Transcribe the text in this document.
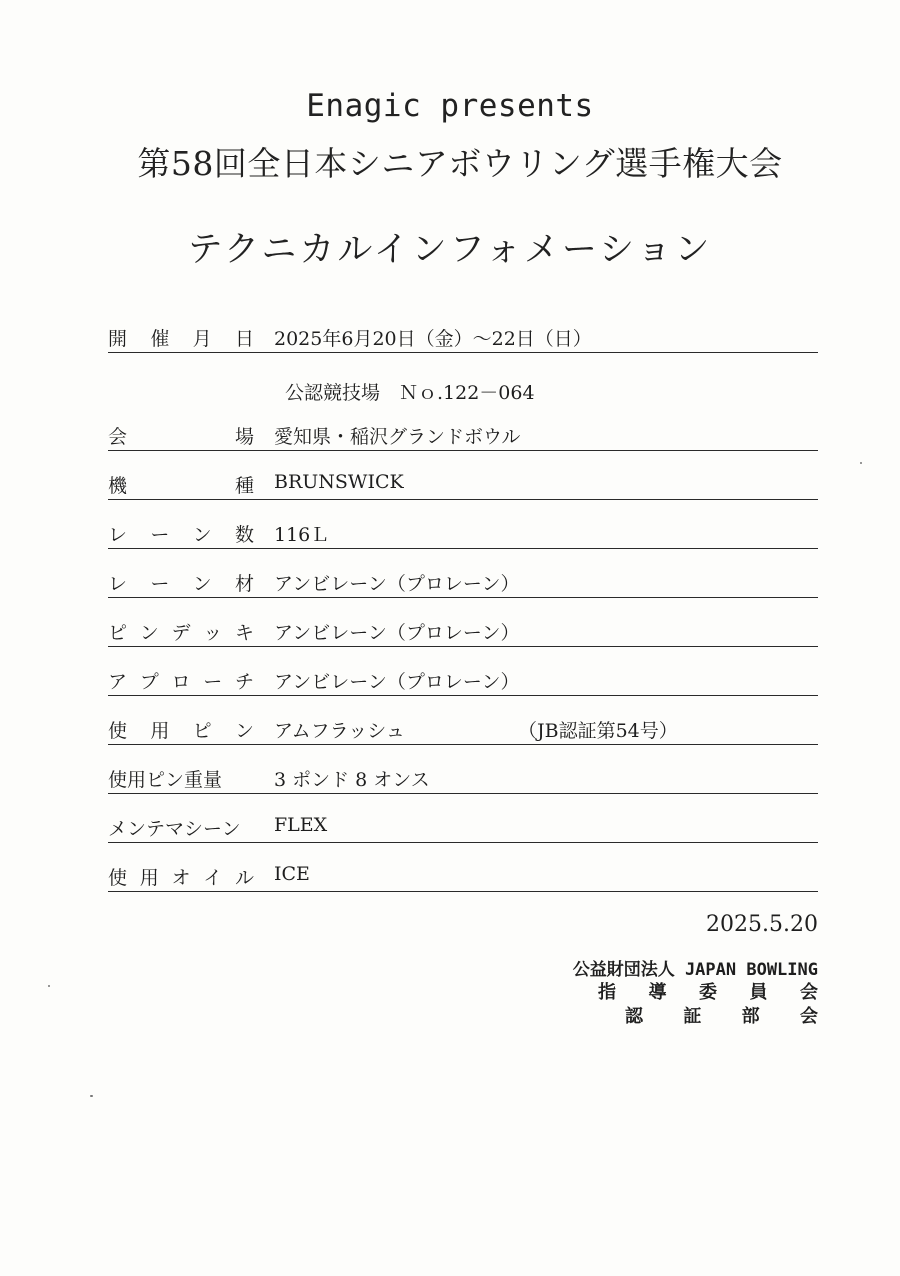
Enagic presents
第58回全日本シニアボウリング選手権大会
テクニカルインフォメーション
開 催 月 日 2025年6月20日（金）～22日（日）
公認競技場　Ｎｏ.122－064
会	場 愛知県・稲沢グランドボウル
機	種 BRUNSWICK
レ ー ン 数 116Ｌ
レ ー ン 材 アンビレーン（プロレーン）
ピ ン デ ッ キ アンビレーン（プロレーン）
ア プ ロ ー チ アンビレーン（プロレーン）
使 用 ピ ン アムフラッシュ	（JB認証第54号）
使用ピン重量	3 ポンド 8 オンス
メンテマシーン FLEX
使 用 オ イ ル ICE
2025.5.20
公益財団法人 JAPAN BOWLING
指 導 委 員 会
認 証 部 会
